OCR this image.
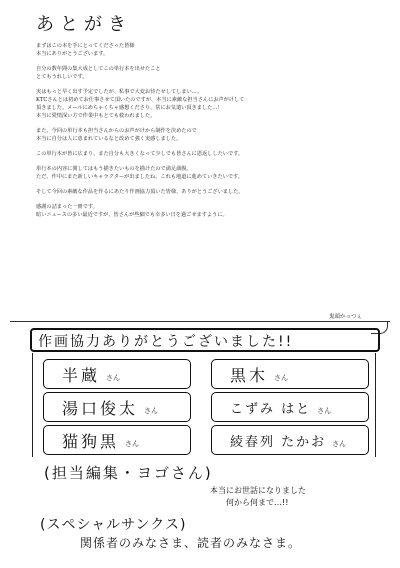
あとがき
まずはこの本を手にとってくださった皆様
本当にありがとうございます。
自分の数年間の集大成としてこの単行本を出せたこと
とてもうれしいです。
実はもっと早く出す予定でしたが、私事で大変お待たせしてしまい…。
KTCさんとは初めてお仕事させて頂いたのですが、本当に素敵な担当さんにお声がけして
頂きました。メールにめちゃくちゃ感想くださり、常にお気遣い頂きました…！
本当に愛情深い方で作業中もとても救われました。
また、今回の単行本も担当さんからのお声がけから制作を決めたので
本当に自分は人に恵まれているなと改めて強く実感しました。
この単行本が皆に広まり、また自分も大きくなって少しでも皆さんに恩返ししたいです。
単行本の内容に関してはもう描きたいものを描けたので満足満腹。
ただ、作中にまた新しいキャラクターが出ましたね。これも地道に進めていきたいです。
そして今回の素敵な作品を作るにあたり作画協力頂いた皆様、ありがとうございました。
感謝の詰まった一冊です。
暗いニュースの多い最近ですが、皆さんが些細でも幸多い日を過ごせますように。
鬼頭かっつぇ
作画協力ありがとうございました!!
半蔵 さん	黒木 さん
湯口俊太 さん	こずみ はと さん
猫狗黒 さん	綾春列 たかお さん
(担当編集・ヨゴさん)
本当にお世話になりました
何から何まで…!!
(スペシャルサンクス)
関係者のみなさま、読者のみなさま。
